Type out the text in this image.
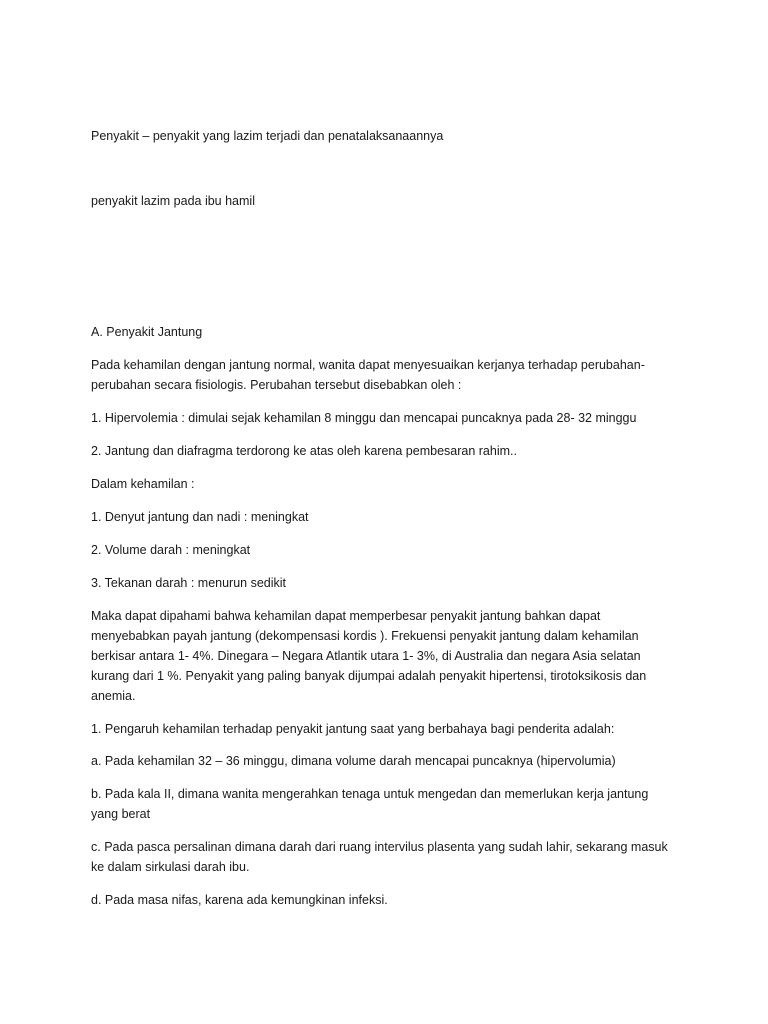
Penyakit – penyakit yang lazim terjadi dan penatalaksanaannya

penyakit lazim pada ibu hamil

A. Penyakit Jantung

Pada kehamilan dengan jantung normal, wanita dapat menyesuaikan kerjanya terhadap perubahan-
perubahan secara fisiologis. Perubahan tersebut disebabkan oleh :

1. Hipervolemia : dimulai sejak kehamilan 8 minggu dan mencapai puncaknya pada 28- 32 minggu

2. Jantung dan diafragma terdorong ke atas oleh karena pembesaran rahim..

Dalam kehamilan :

1. Denyut jantung dan nadi : meningkat

2. Volume darah : meningkat

3. Tekanan darah : menurun sedikit

Maka dapat dipahami bahwa kehamilan dapat memperbesar penyakit jantung bahkan dapat
menyebabkan payah jantung (dekompensasi kordis ). Frekuensi penyakit jantung dalam kehamilan
berkisar antara 1- 4%. Dinegara – Negara Atlantik utara 1- 3%, di Australia dan negara Asia selatan
kurang dari 1 %. Penyakit yang paling banyak dijumpai adalah penyakit hipertensi, tirotoksikosis dan
anemia.

1. Pengaruh kehamilan terhadap penyakit jantung saat yang berbahaya bagi penderita adalah:

a. Pada kehamilan 32 – 36 minggu, dimana volume darah mencapai puncaknya (hipervolumia)

b. Pada kala II, dimana wanita mengerahkan tenaga untuk mengedan dan memerlukan kerja jantung
yang berat

c. Pada pasca persalinan dimana darah dari ruang intervilus plasenta yang sudah lahir, sekarang masuk
ke dalam sirkulasi darah ibu.

d. Pada masa nifas, karena ada kemungkinan infeksi.
